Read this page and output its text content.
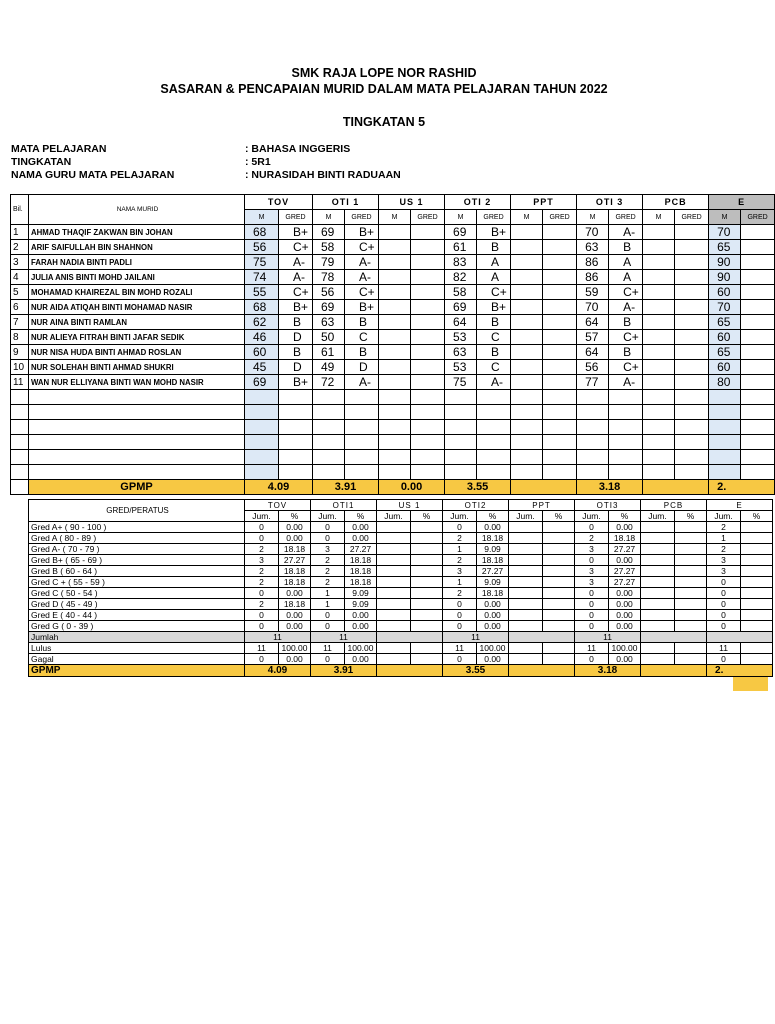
SMK RAJA LOPE NOR RASHID
SASARAN & PENCAPAIAN MURID DALAM MATA PELAJARAN TAHUN 2022
TINGKATAN 5
MATA PELAJARAN	: BAHASA INGGERIS
TINGKATAN	: 5R1
NAMA GURU MATA PELAJARAN	: NURASIDAH BINTI RADUAAN
Bil.	NAMA MURID	TOV		OTI 1		US 1		OTI 2		PPT		OTI 3		PCB		E	
		M	GRED	M	GRED	M	GRED	M	GRED	M	GRED	M	GRED	M	GRED	M	GRED
1	AHMAD THAQIF ZAKWAN BIN JOHAN	68	B+	69	B+			69	B+			70	A-			70	
2	ARIF SAIFULLAH BIN SHAHNON	56	C+	58	C+			61	B			63	B			65	
3	FARAH NADIA BINTI PADLI	75	A-	79	A-			83	A			86	A			90	
4	JULIA ANIS BINTI MOHD JAILANI	74	A-	78	A-			82	A			86	A			90	
5	MOHAMAD KHAIREZAL BIN MOHD ROZALI	55	C+	56	C+			58	C+			59	C+			60	
6	NUR AIDA ATIQAH BINTI MOHAMAD NASIR	68	B+	69	B+			69	B+			70	A-			70	
7	NUR AINA BINTI RAMLAN	62	B	63	B			64	B			64	B			65	
8	NUR ALIEYA FITRAH BINTI JAFAR SEDIK	46	D	50	C			53	C			57	C+			60	
9	NUR NISA HUDA BINTI AHMAD ROSLAN	60	B	61	B			63	B			64	B			65	
10	NUR SOLEHAH BINTI AHMAD SHUKRI	45	D	49	D			53	C			56	C+			60	
11	WAN NUR ELLIYANA BINTI WAN MOHD NASIR	69	B+	72	A-			75	A-			77	A-			80	

	GPMP	4.09		3.91		0.00		3.55				3.18				2.	
GRED/PERATUS	TOV		OTI1		US 1		OTI2		PPT		OTI3		PCB		E	
	Jum.	%	Jum.	%	Jum.	%	Jum.	%	Jum.	%	Jum.	%	Jum.	%	Jum.	%
Gred A+ ( 90 - 100 )	0	0.00	0	0.00			0	0.00			0	0.00			2	
Gred A ( 80 - 89 )	0	0.00	0	0.00			2	18.18			2	18.18			1	
Gred A- ( 70 - 79 )	2	18.18	3	27.27			1	9.09			3	27.27			2	
Gred B+ ( 65 - 69 )	3	27.27	2	18.18			2	18.18			0	0.00			3	
Gred B ( 60 - 64 )	2	18.18	2	18.18			3	27.27			3	27.27			3	
Gred C + ( 55 - 59 )	2	18.18	2	18.18			1	9.09			3	27.27			0	
Gred C ( 50 - 54 )	0	0.00	1	9.09			2	18.18			0	0.00			0	
Gred D ( 45 - 49 )	2	18.18	1	9.09			0	0.00			0	0.00			0	
Gred E ( 40 - 44 )	0	0.00	0	0.00			0	0.00			0	0.00			0	
Gred G ( 0 - 39 )	0	0.00	0	0.00			0	0.00			0	0.00			0	
Jumlah	11		11				11				11					
Lulus	11	100.00	11	100.00			11	100.00			11	100.00			11	
Gagal	0	0.00	0	0.00			0	0.00			0	0.00			0	
GPMP	4.09		3.91				3.55				3.18				2.	
